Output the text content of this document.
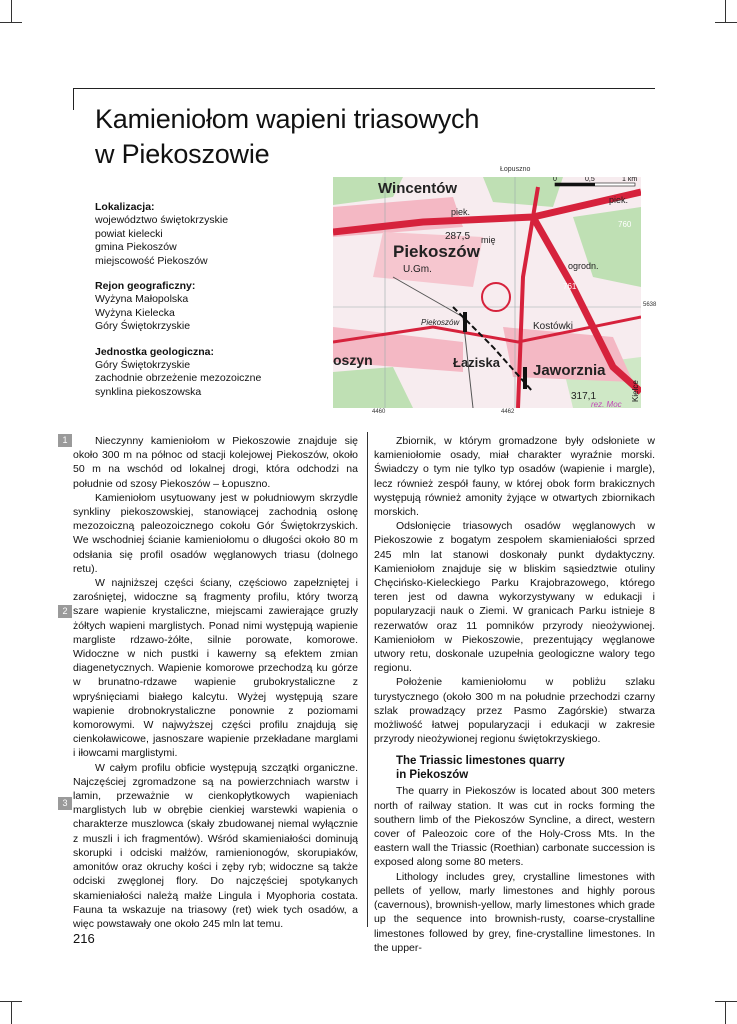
Kamieniołom wapieni triasowych
w Piekoszowie
Lokalizacja:
województwo świętokrzyskie
powiat kielecki
gmina Piekoszów
miejscowość Piekoszów
Rejon geograficzny:
Wyżyna Małopolska
Wyżyna Kielecka
Góry Świętokrzyskie
Jednostka geologiczna:
Góry Świętokrzyskie
zachodnie obrzeżenie mezozoiczne
synklina piekoszowska
Łopuszno
5638
4460	4462
Wincentów
Piekoszów
U.Gm.
piek.
piek.
287,5 mię
ogrodn.
760
761
Kostówki
Piekoszów
oszyn	Łaziska Jaworznia
317,1
rez. Moc
0	0,5	1 km
Kielce
1
2
3

Nieczynny kamieniołom w Piekoszowie znajduje się około 300 m na północ od stacji kolejowej Piekoszów, około 50 m na wschód od lokalnej drogi, która odchodzi na południe od szosy Piekoszów – Łopuszno.

Kamieniołom usytuowany jest w południowym skrzydle synkliny piekoszowskiej, stanowiącej zachodnią osłonę mezozoiczną paleozoicznego cokołu Gór Świętokrzyskich. We wschodniej ścianie kamieniołomu o długości około 80 m odsłania się profil osadów węglanowych triasu (dolnego retu).

W najniższej części ściany, częściowo zapełzniętej i zarośniętej, widoczne są fragmenty profilu, który tworzą szare wapienie krystaliczne, miejscami zawierające gruzły żółtych wapieni marglistych. Ponad nimi występują wapienie margliste rdzawo-żółte, silnie porowate, komorowe. Widoczne w nich pustki i kawerny są efektem zmian diagenetycznych. Wapienie komorowe przechodzą ku górze w brunatno-rdzawe wapienie grubokrystaliczne z wpryśnięciami białego kalcytu. Wyżej występują szare wapienie drobnokrystaliczne ponownie z poziomami komorowymi. W najwyższej części profilu znajdują się cienkoławicowe, jasnoszare wapienie przekładane marglami i iłowcami marglistymi.

W całym profilu obficie występują szczątki organiczne. Najczęściej zgromadzone są na powierzchniach warstw i lamin, przeważnie w cienkopłytkowych wapieniach marglistych lub w obrębie cienkiej warstewki wapienia o charakterze muszlowca (skały zbudowanej niemal wyłącznie z muszli i ich fragmentów). Wśród skamieniałości dominują skorupki i odciski małżów, ramienionogów, skorupiaków, amonitów oraz okruchy kości i zęby ryb; widoczne są także odciski zwęglonej flory. Do najczęściej spotykanych skamieniałości należą małże Lingula i Myophoria costata. Fauna ta wskazuje na triasowy (ret) wiek tych osadów, a więc powstawały one około 245 mln lat temu.

Zbiornik, w którym gromadzone były odsłoniete w kamieniołomie osady, miał charakter wyraźnie morski. Świadczy o tym nie tylko typ osadów (wapienie i margle), lecz również zespół fauny, w której obok form brakicznych występują również amonity żyjące w otwartych zbiornikach morskich.

Odsłonięcie triasowych osadów węglanowych w Piekoszowie z bogatym zespołem skamieniałości sprzed 245 mln lat stanowi doskonały punkt dydaktyczny. Kamieniołom znajduje się w bliskim sąsiedztwie otuliny Chęcińsko-Kieleckiego Parku Krajobrazowego, którego teren jest od dawna wykorzystywany w edukacji i popularyzacji nauk o Ziemi. W granicach Parku istnieje 8 rezerwatów oraz 11 pomników przyrody nieożywionej. Kamieniołom w Piekoszowie, prezentujący węglanowe utwory retu, doskonale uzupełnia geologiczne walory tego regionu.

Położenie kamieniołomu w pobliżu szlaku turystycznego (około 300 m na południe przechodzi czarny szlak prowadzący przez Pasmo Zagórskie) stwarza możliwość łatwej popularyzacji i edukacji w zakresie przyrody nieożywionej regionu świętokrzyskiego.

The Triassic limestones quarry
in Piekoszów

The quarry in Piekoszów is located about 300 meters north of railway station. It was cut in rocks forming the southern limb of the Piekoszów Syncline, a direct, western cover of Paleozoic core of the Holy-Cross Mts. In the eastern wall the Triassic (Roethian) carbonate succession is exposed along some 80 meters.

Lithology includes grey, crystalline limestones with pellets of yellow, marly limestones and highly porous (cavernous), brownish-yellow, marly limestones which grade up the sequence into brownish-rusty, coarse-crystalline limestones followed by grey, fine-crystalline limestones. In the upper-

216
